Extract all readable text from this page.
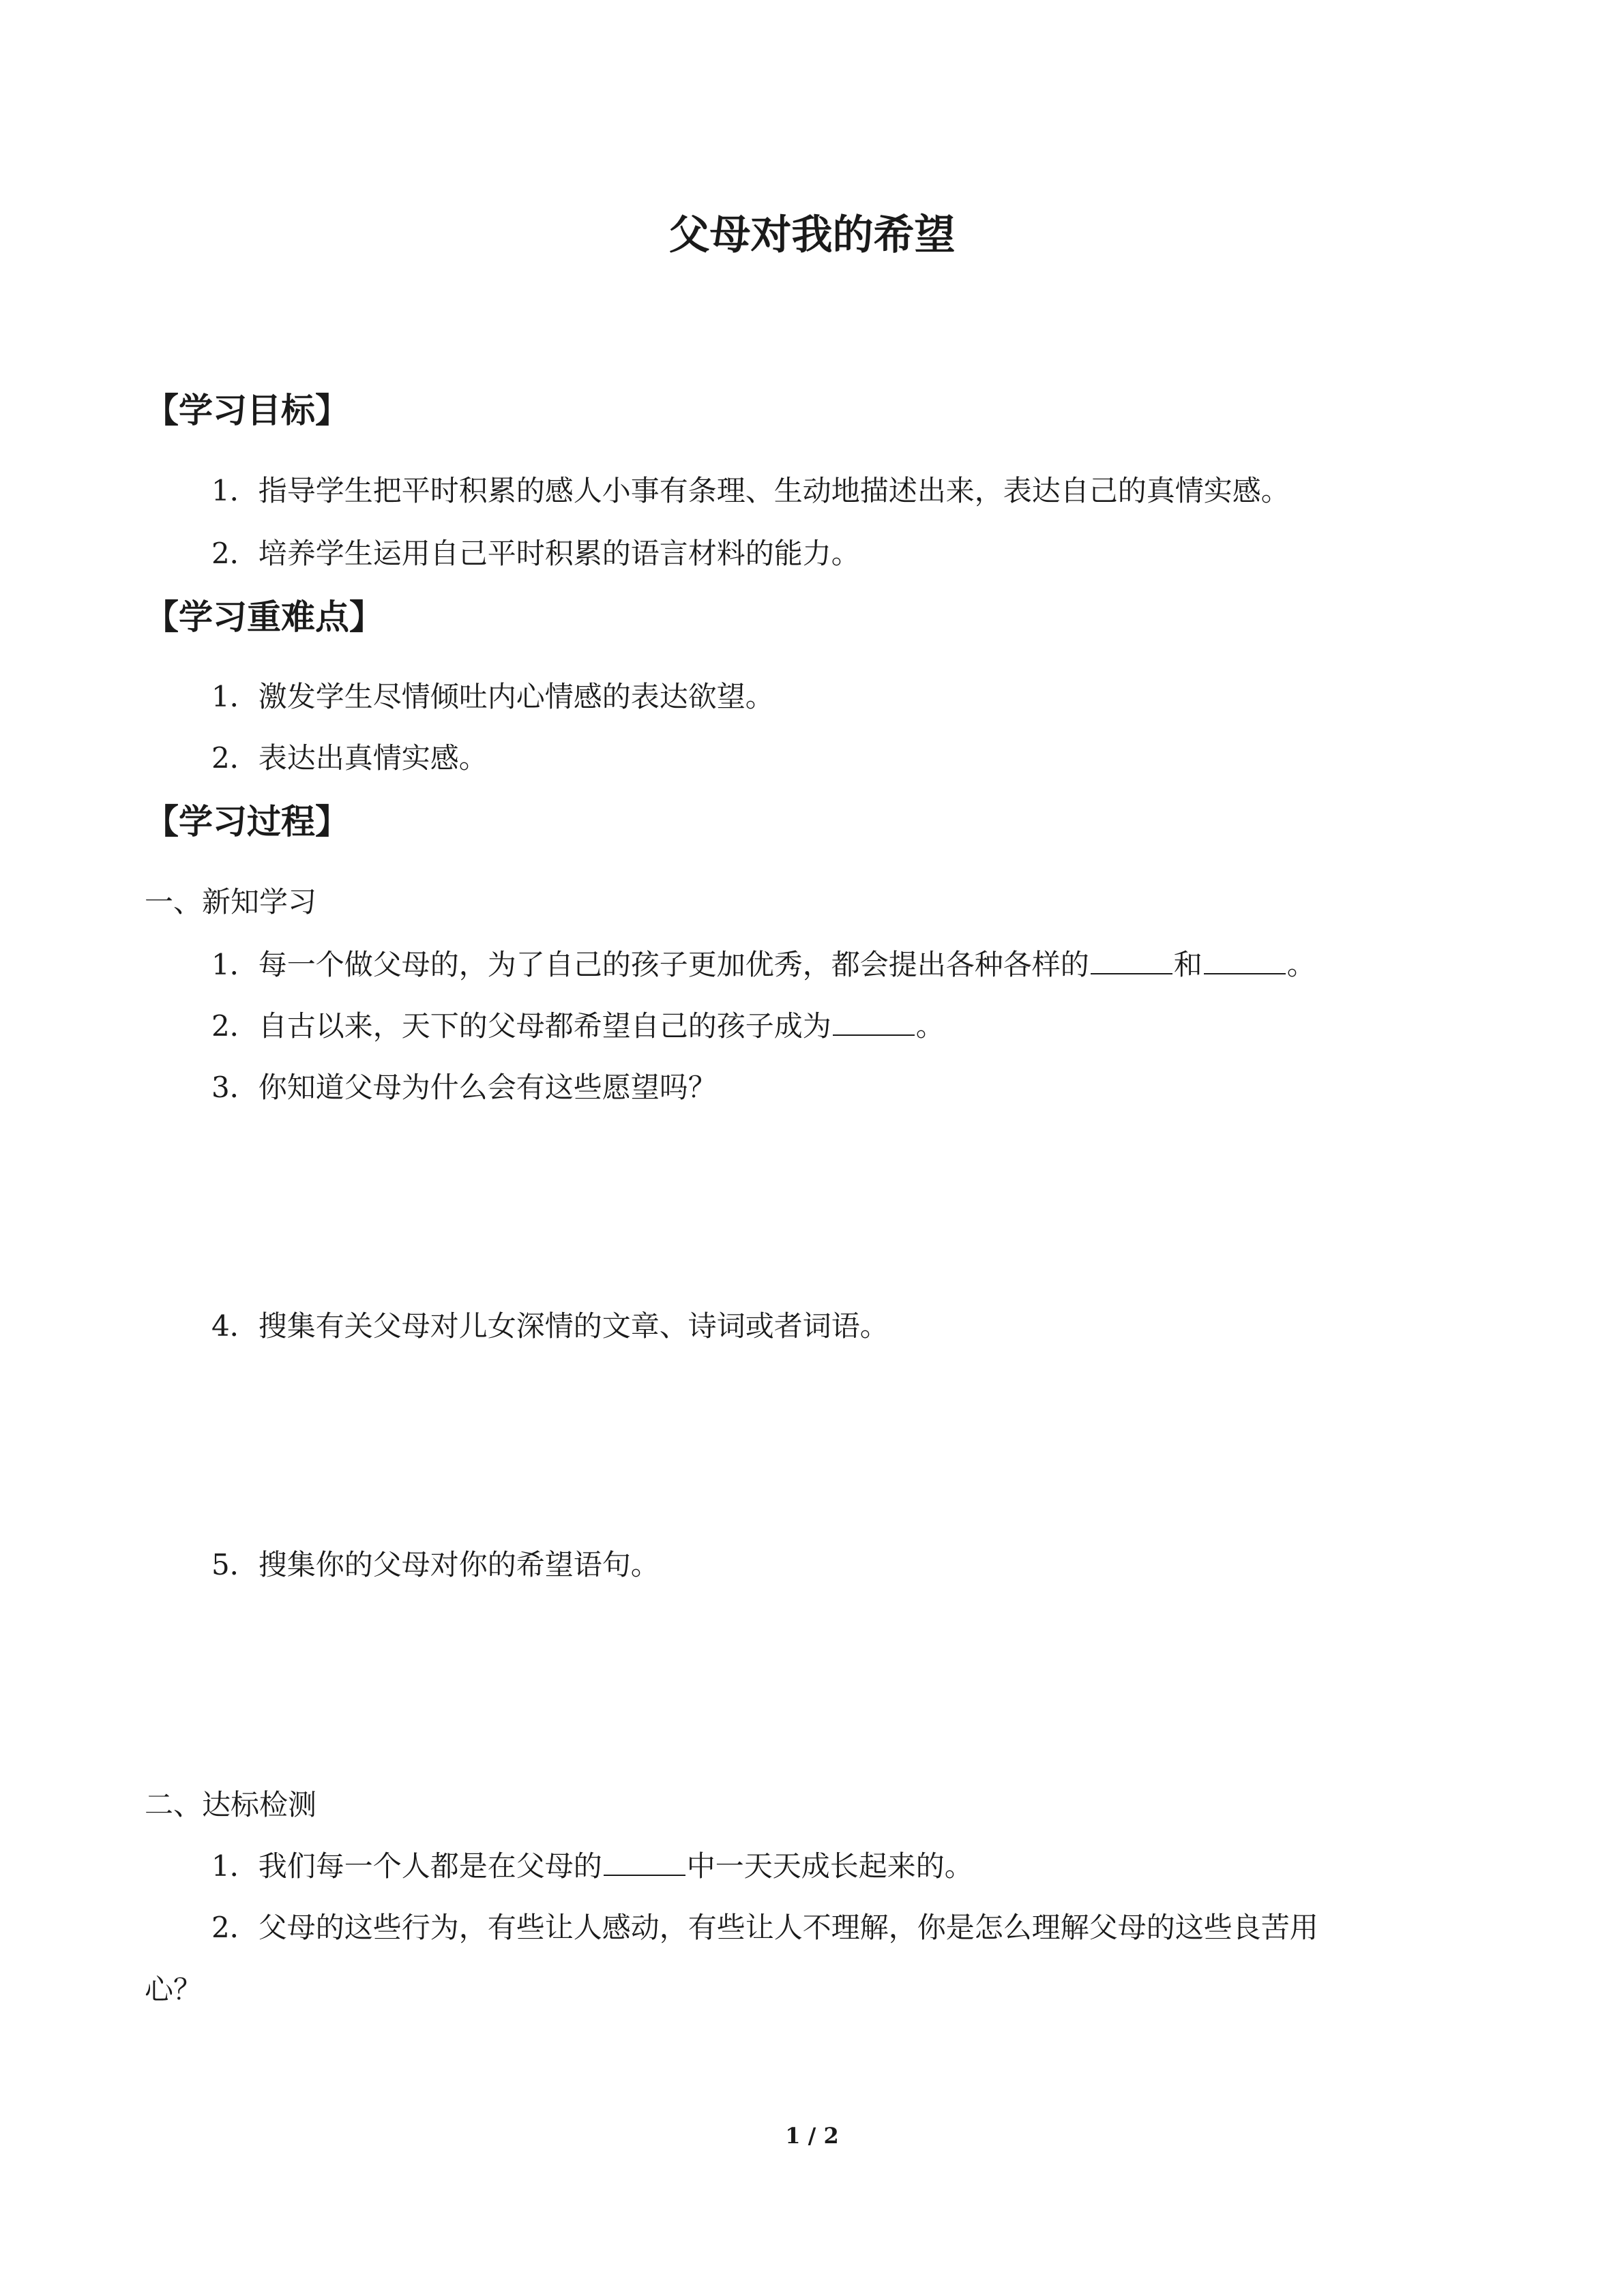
父母对我的希望
【学习目标】
1．指导学生把平时积累的感人小事有条理、生动地描述出来，表达自己的真情实感。
2．培养学生运用自己平时积累的语言材料的能力。
【学习重难点】
1．激发学生尽情倾吐内心情感的表达欲望。
2．表达出真情实感。
【学习过程】
一、新知学习
1．每一个做父母的，为了自己的孩子更加优秀，都会提出各种各样的	和	。
2．自古以来，天下的父母都希望自己的孩子成为	。
3．你知道父母为什么会有这些愿望吗？
4．搜集有关父母对儿女深情的文章、诗词或者词语。
5．搜集你的父母对你的希望语句。
二、达标检测
1．我们每一个人都是在父母的	中一天天成长起来的。
2．父母的这些行为，有些让人感动，有些让人不理解，你是怎么理解父母的这些良苦用
心？
1 / 2
